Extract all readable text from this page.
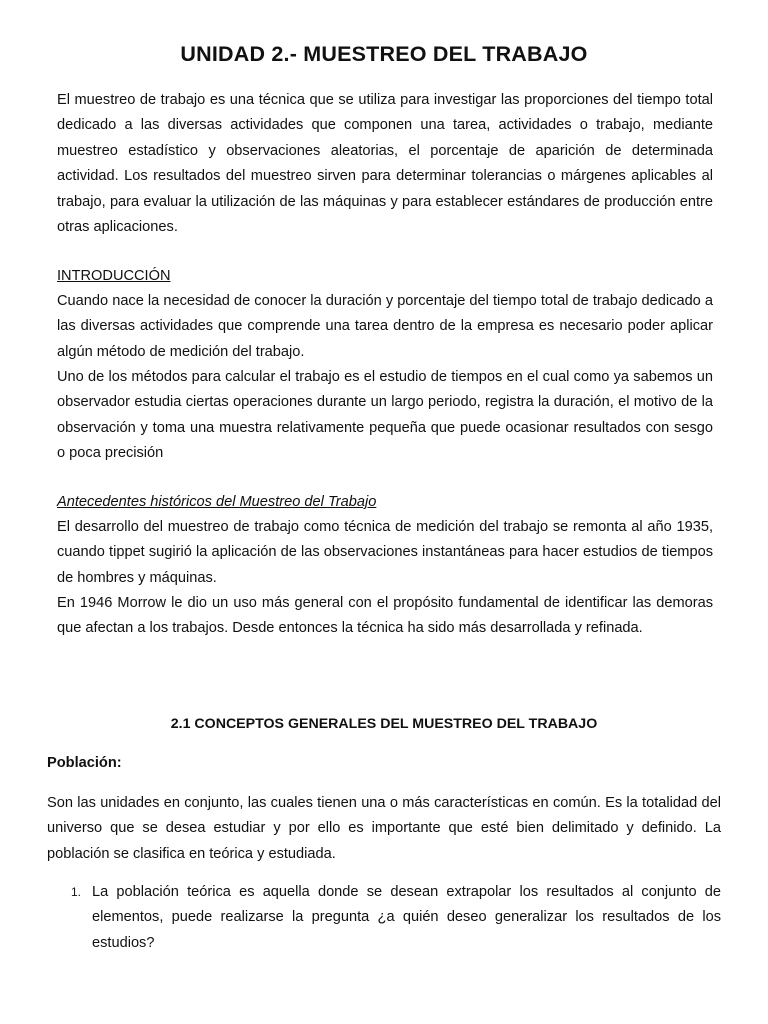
UNIDAD 2.- MUESTREO DEL TRABAJO

El muestreo de trabajo es una técnica que se utiliza para investigar las proporciones del tiempo total dedicado a las diversas actividades que componen una tarea, actividades o trabajo, mediante muestreo estadístico y observaciones aleatorias, el porcentaje de aparición de determinada actividad. Los resultados del muestreo sirven para determinar tolerancias o márgenes aplicables al trabajo, para evaluar la utilización de las máquinas y para establecer estándares de producción entre otras aplicaciones.

INTRODUCCIÓN

Cuando nace la necesidad de conocer la duración y porcentaje del tiempo total de trabajo dedicado a las diversas actividades que comprende una tarea dentro de la empresa es necesario poder aplicar algún método de medición del trabajo.

Uno de los métodos para calcular el trabajo es el estudio de tiempos en el cual como ya sabemos un observador estudia ciertas operaciones durante un largo periodo, registra la duración, el motivo de la observación y toma una muestra relativamente pequeña que puede ocasionar resultados con sesgo o poca precisión

Antecedentes históricos del Muestreo del Trabajo

El desarrollo del muestreo de trabajo como técnica de medición del trabajo se remonta al año 1935, cuando tippet sugirió la aplicación de las observaciones instantáneas para hacer estudios de tiempos de hombres y máquinas.

En 1946 Morrow le dio un uso más general con el propósito fundamental de identificar las demoras que afectan a los trabajos. Desde entonces la técnica ha sido más desarrollada y refinada.

2.1 CONCEPTOS GENERALES DEL MUESTREO DEL TRABAJO

Población:

Son las unidades en conjunto, las cuales tienen una o más características en común. Es la totalidad del universo que se desea estudiar y por ello es importante que esté bien delimitado y definido. La población se clasifica en teórica y estudiada.

1. La población teórica es aquella donde se desean extrapolar los resultados al conjunto de elementos, puede realizarse la pregunta ¿a quién deseo generalizar los resultados de los estudios?
